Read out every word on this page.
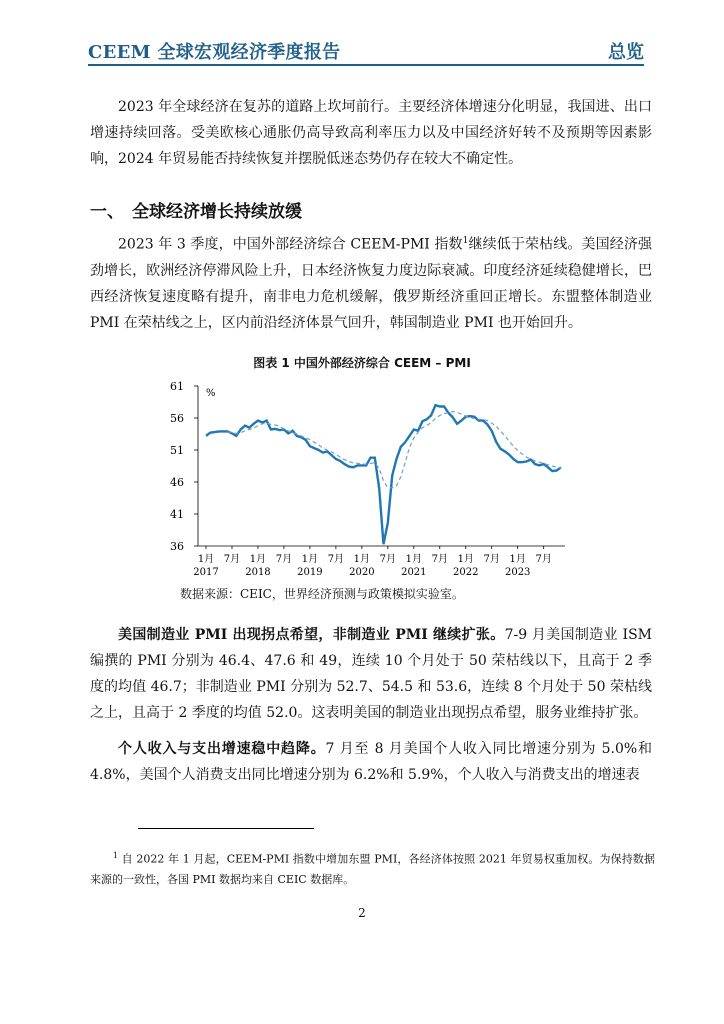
CEEM 全球宏观经济季度报告	总览

2023 年全球经济在复苏的道路上坎坷前行。主要经济体增速分化明显，我国进、出口增速持续回落。受美欧核心通胀仍高导致高利率压力以及中国经济好转不及预期等因素影响，2024 年贸易能否持续恢复并摆脱低迷态势仍存在较大不确定性。

一、 全球经济增长持续放缓

2023 年 3 季度，中国外部经济综合 CEEM-PMI 指数$^1$继续低于荣枯线。美国经济强劲增长，欧洲经济停滞风险上升，日本经济恢复力度边际衰减。印度经济延续稳健增长，巴西经济恢复速度略有提升，南非电力危机缓解，俄罗斯经济重回正增长。东盟整体制造业 PMI 在荣枯线之上，区内前沿经济体景气回升，韩国制造业 PMI 也开始回升。

图表 1 中国外部经济综合 CEEM – PMI
36
41
46
51
56
61
1月 7月 1月 7月 1月 7月 1月 7月 1月 7月 1月 7月 1月 7月
2017	2018	2019	2020	2021	2022	2023
%
数据来源：CEIC，世界经济预测与政策模拟实验室。

美国制造业 PMI 出现拐点希望，非制造业 PMI 继续扩张。7-9 月美国制造业 ISM 编撰的 PMI 分别为 46.4、47.6 和 49，连续 10 个月处于 50 荣枯线以下，且高于 2 季度的均值 46.7；非制造业 PMI 分别为 52.7、54.5 和 53.6，连续 8 个月处于 50 荣枯线之上，且高于 2 季度的均值 52.0。这表明美国的制造业出现拐点希望，服务业维持扩张。

个人收入与支出增速稳中趋降。7 月至 8 月美国个人收入同比增速分别为 5.0%和 4.8%，美国个人消费支出同比增速分别为 6.2%和 5.9%，个人收入与消费支出的增速表

$^1$ 自 2022 年 1 月起，CEEM-PMI 指数中增加东盟 PMI，各经济体按照 2021 年贸易权重加权。为保持数据来源的一致性，各国 PMI 数据均来自 CEIC 数据库。
2
